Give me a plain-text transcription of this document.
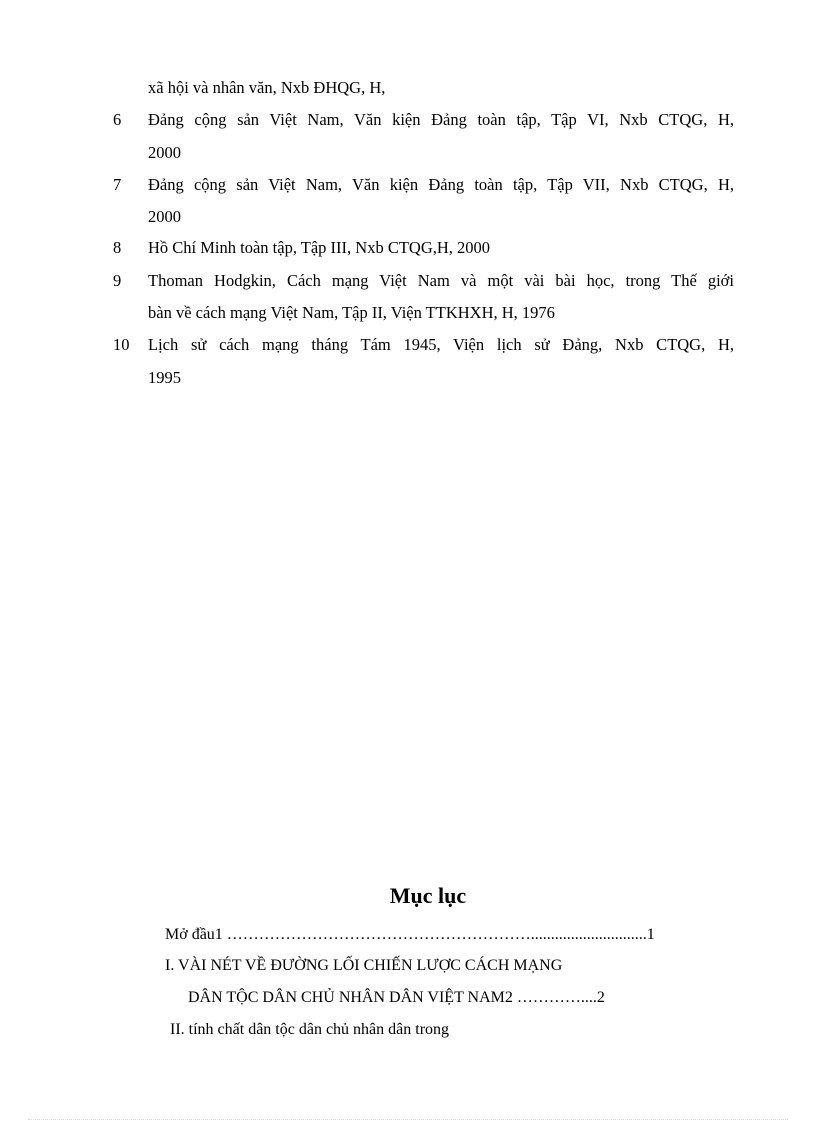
xã hội và nhân văn, Nxb ĐHQG, H,
6 Đảng cộng sản Việt Nam, Văn kiện Đảng toàn tập, Tập VI, Nxb CTQG, H,
2000
7 Đảng cộng sản Việt Nam, Văn kiện Đảng toàn tập, Tập VII, Nxb CTQG, H,
2000
8 Hồ Chí Minh toàn tập, Tập III, Nxb CTQG,H, 2000
9 Thoman Hodgkin, Cách mạng Việt Nam và một vài bài học, trong Thế giới
bàn về cách mạng Việt Nam, Tập II, Viện TTKHXH, H, 1976
10 Lịch sử cách mạng tháng Tám 1945, Viện lịch sử Đảng, Nxb CTQG, H,
1995
Mục lục
Mở đầu1 ………………………………………………….............................1
I. VÀI NÉT VỀ ĐƯỜNG LỐI CHIẾN LƯỢC CÁCH MẠNG
DÂN TỘC DÂN CHỦ NHÂN DÂN VIỆT NAM2 …………....2
II. tính chất dân tộc dân chủ nhân dân trong
